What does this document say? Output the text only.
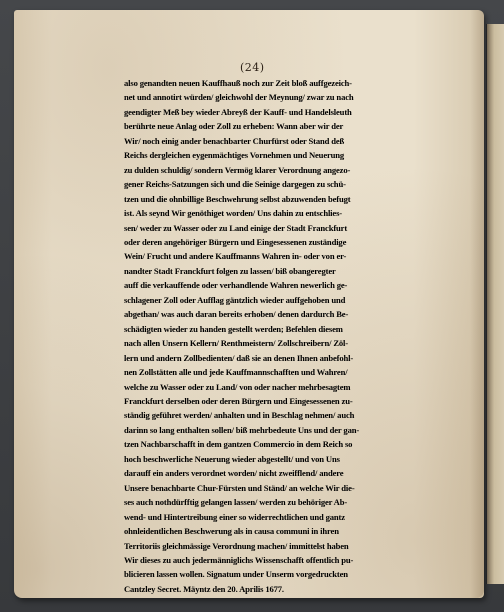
(24)
also genandten neuen Kauffhauß noch zur Zeit bloß auffgezeich-
net und annotirt würden/ gleichwohl der Meynung/ zwar zu nach
geendigter Meß bey wieder Abreyß der Kauff- und Handelsleuth
berührte neue Anlag oder Zoll zu erheben: Wann aber wir der
Wir/ noch einig ander benachbarter Churfürst oder Stand deß
Reichs dergleichen eygenmächtiges Vornehmen und Neuerung
zu dulden schuldig/ sondern Vermög klarer Verordnung angezo-
gener Reichs-Satzungen sich und die Seinige dargegen zu schü-
tzen und die ohnbillige Beschwehrung selbst abzuwenden befugt
ist. Als seynd Wir genöthiget worden/ Uns dahin zu entschlies-
sen/ weder zu Wasser oder zu Land einige der Stadt Franckfurt
oder deren angehöriger Bürgern und Eingesessenen zuständige
Wein/ Frucht und andere Kauffmanns Wahren in- oder von er-
nandter Stadt Franckfurt folgen zu lassen/ biß obangeregter
auff die verkauffende oder verhandlende Wahren newerlich ge-
schlagener Zoll oder Aufflag gäntzlich wieder auffgehoben und
abgethan/ was auch daran bereits erhoben/ denen dardurch Be-
schädigten wieder zu handen gestellt werden; Befehlen diesem
nach allen Unsern Kellern/ Renthmeistern/ Zollschreibern/ Zöl-
lern und andern Zollbedienten/ daß sie an denen Ihnen anbefohl-
nen Zollstätten alle und jede Kauffmannschafften und Wahren/
welche zu Wasser oder zu Land/ von oder nacher mehrbesagtem
Franckfurt derselben oder deren Bürgern und Eingesessenen zu-
ständig geführet werden/ anhalten und in Beschlag nehmen/ auch
darinn so lang enthalten sollen/ biß mehrbedeute Uns und der gan-
tzen Nachbarschafft in dem gantzen Commercio in dem Reich so
hoch beschwerliche Neuerung wieder abgestellt/ und von Uns
darauff ein anders verordnet worden/ nicht zweifflend/ andere
Unsere benachbarte Chur-Fürsten und Ständ/ an welche Wir die-
ses auch nothdürfftig gelangen lassen/ werden zu behöriger Ab-
wend- und Hintertreibung einer so widerrechtlichen und gantz
ohnleidentlichen Beschwerung als in causa communi in ihren
Territoriis gleichmässige Verordnung machen/ immittelst haben
Wir dieses zu auch jedermänniglichs Wissenschafft offentlich pu-
blicieren lassen wollen. Signatum under Unserm vorgedruckten
Cantzley Secret. Mäyntz den 20. Aprilis 1677.
